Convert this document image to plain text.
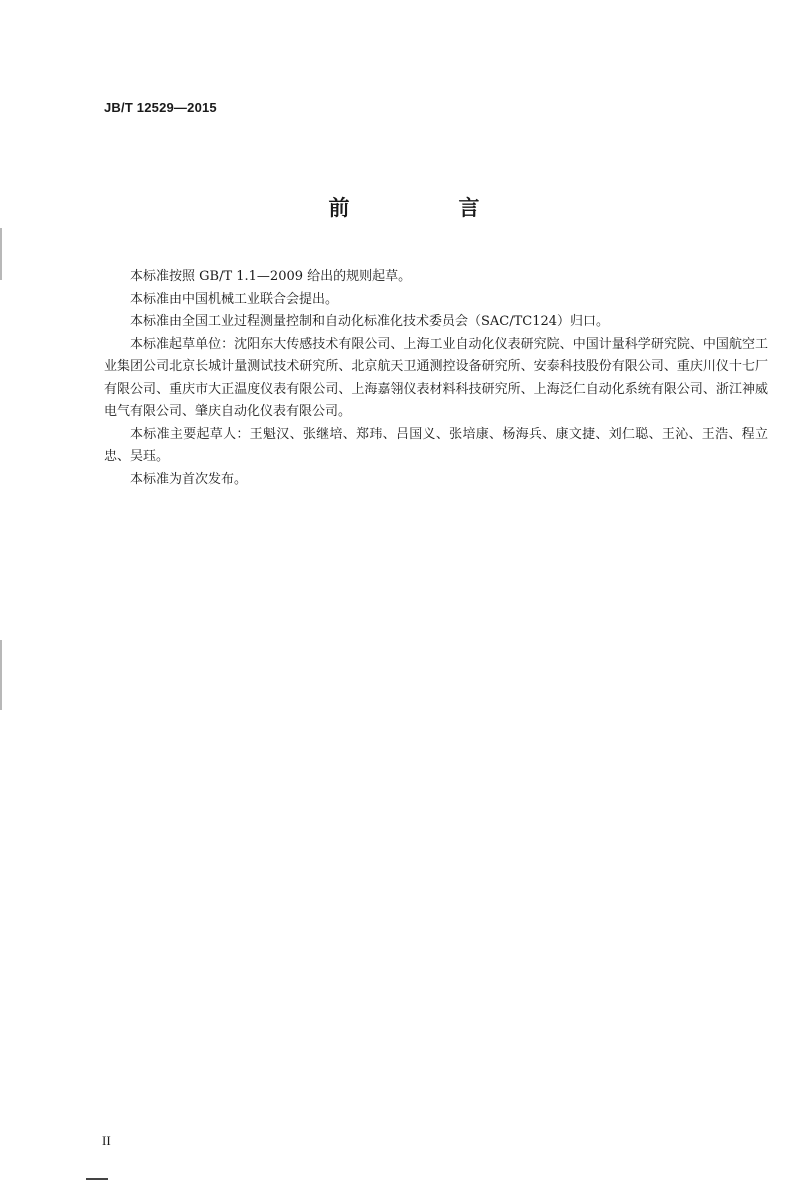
JB/T 12529—2015
前　言

本标准按照 GB/T 1.1—2009 给出的规则起草。

本标准由中国机械工业联合会提出。

本标准由全国工业过程测量控制和自动化标准化技术委员会（SAC/TC124）归口。

本标准起草单位：沈阳东大传感技术有限公司、上海工业自动化仪表研究院、中国计量科学研究院、中国航空工业集团公司北京长城计量测试技术研究所、北京航天卫通测控设备研究所、安泰科技股份有限公司、重庆川仪十七厂有限公司、重庆市大正温度仪表有限公司、上海嘉翎仪表材料科技研究所、上海泛仁自动化系统有限公司、浙江神威电气有限公司、肇庆自动化仪表有限公司。

本标准主要起草人：王魁汉、张继培、郑玮、吕国义、张培康、杨海兵、康文捷、刘仁聪、王沁、王浩、程立忠、吴珏。

本标准为首次发布。

II
